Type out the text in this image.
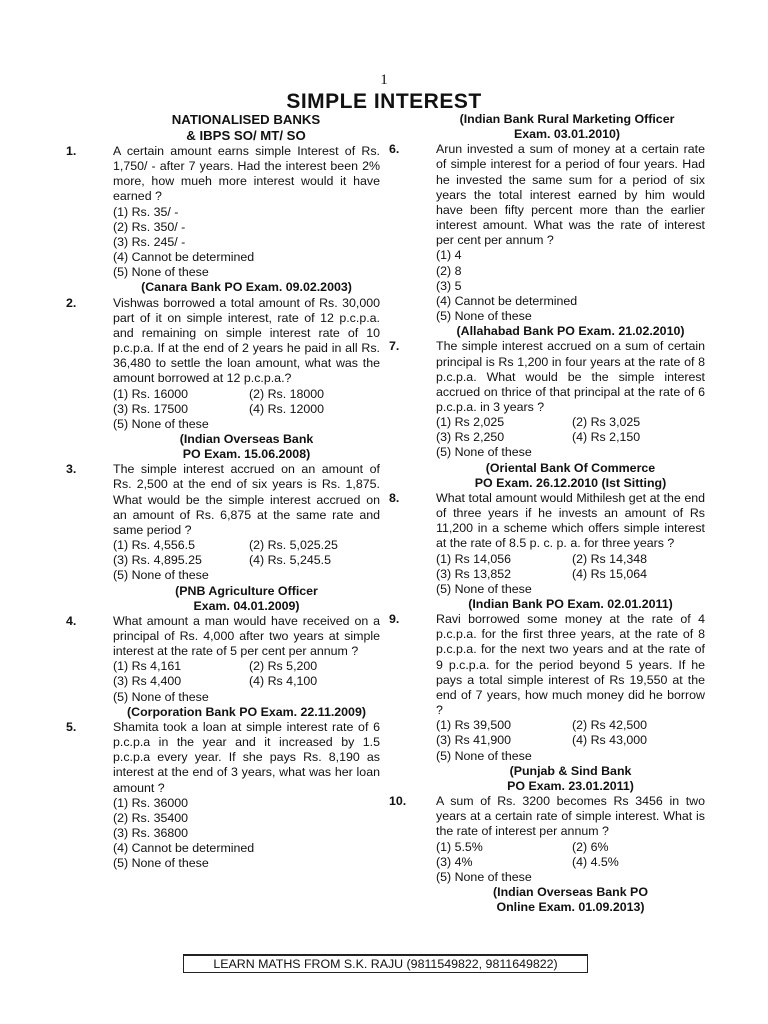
1
SIMPLE INTEREST
NATIONALISED BANKS
& IBPS SO/ MT/ SO
1.	A certain amount earns simple Interest of Rs. 1,750/ - after 7 years. Had the interest been 2% more, how mueh more interest would it have earned ?
(1) Rs. 35/ -
(2) Rs. 350/ -
(3) Rs. 245/ -
(4) Cannot be determined
(5) None of these
(Canara Bank PO Exam. 09.02.2003)
2.	Vishwas borrowed a total amount of Rs. 30,000 part of it on simple interest, rate of 12 p.c.p.a. and remaining on simple interest rate of 10 p.c.p.a. If at the end of 2 years he paid in all Rs. 36,480 to settle the loan amount, what was the amount borrowed at 12 p.c.p.a.?
(1) Rs. 16000	(2) Rs. 18000
(3) Rs. 17500	(4) Rs. 12000
(5) None of these
(Indian Overseas Bank
PO Exam. 15.06.2008)
3.	The simple interest accrued on an amount of Rs. 2,500 at the end of six years is Rs. 1,875. What would be the simple interest accrued on an amount of Rs. 6,875 at the same rate and same period ?
(1) Rs. 4,556.5	(2) Rs. 5,025.25
(3) Rs. 4,895.25	(4) Rs. 5,245.5
(5) None of these
(PNB Agriculture Officer
Exam. 04.01.2009)
4.	What amount a man would have received on a principal of Rs. 4,000 after two years at simple interest at the rate of 5 per cent per annum ?
(1) Rs 4,161	(2) Rs 5,200
(3) Rs 4,400	(4) Rs 4,100
(5) None of these
(Corporation Bank PO Exam. 22.11.2009)
5.	Shamita took a loan at simple interest rate of 6 p.c.p.a in the year and it increased by 1.5 p.c.p.a every year. If she pays Rs. 8,190 as interest at the end of 3 years, what was her loan amount ?
(1) Rs. 36000
(2) Rs. 35400
(3) Rs. 36800
(4) Cannot be determined
(5) None of these
(Indian Bank Rural Marketing Officer
Exam. 03.01.2010)
6.	Arun invested a sum of money at a certain rate of simple interest for a period of four years. Had he invested the same sum for a period of six years the total interest earned by him would have been fifty percent more than the earlier interest amount. What was the rate of interest per cent per annum ?
(1) 4
(2) 8
(3) 5
(4) Cannot be determined
(5) None of these
(Allahabad Bank PO Exam. 21.02.2010)
7.	The simple interest accrued on a sum of certain principal is Rs 1,200 in four years at the rate of 8 p.c.p.a. What would be the simple interest accrued on thrice of that principal at the rate of 6 p.c.p.a. in 3 years ?
(1) Rs 2,025	(2) Rs 3,025
(3) Rs 2,250	(4) Rs 2,150
(5) None of these
(Oriental Bank Of Commerce
PO Exam. 26.12.2010 (Ist Sitting)
8.	What total amount would Mithilesh get at the end of three years if he invests an amount of Rs 11,200 in a scheme which offers simple interest at the rate of 8.5 p. c. p. a. for three years ?
(1) Rs 14,056	(2) Rs 14,348
(3) Rs 13,852	(4) Rs 15,064
(5) None of these
(Indian Bank PO Exam. 02.01.2011)
9.	Ravi borrowed some money at the rate of 4 p.c.p.a. for the first three years, at the rate of 8 p.c.p.a. for the next two years and at the rate of 9 p.c.p.a. for the period beyond 5 years. If he pays a total simple interest of Rs 19,550 at the end of 7 years, how much money did he borrow ?
(1) Rs 39,500	(2) Rs 42,500
(3) Rs 41,900	(4) Rs 43,000
(5) None of these
(Punjab & Sind Bank
PO Exam. 23.01.2011)
10.	A sum of Rs. 3200 becomes Rs 3456 in two years at a certain rate of simple interest. What is the rate of interest per annum ?
(1) 5.5%	(2) 6%
(3) 4%	(4) 4.5%
(5) None of these
(Indian Overseas Bank PO
Online Exam. 01.09.2013)
LEARN MATHS FROM S.K. RAJU (9811549822, 9811649822)
